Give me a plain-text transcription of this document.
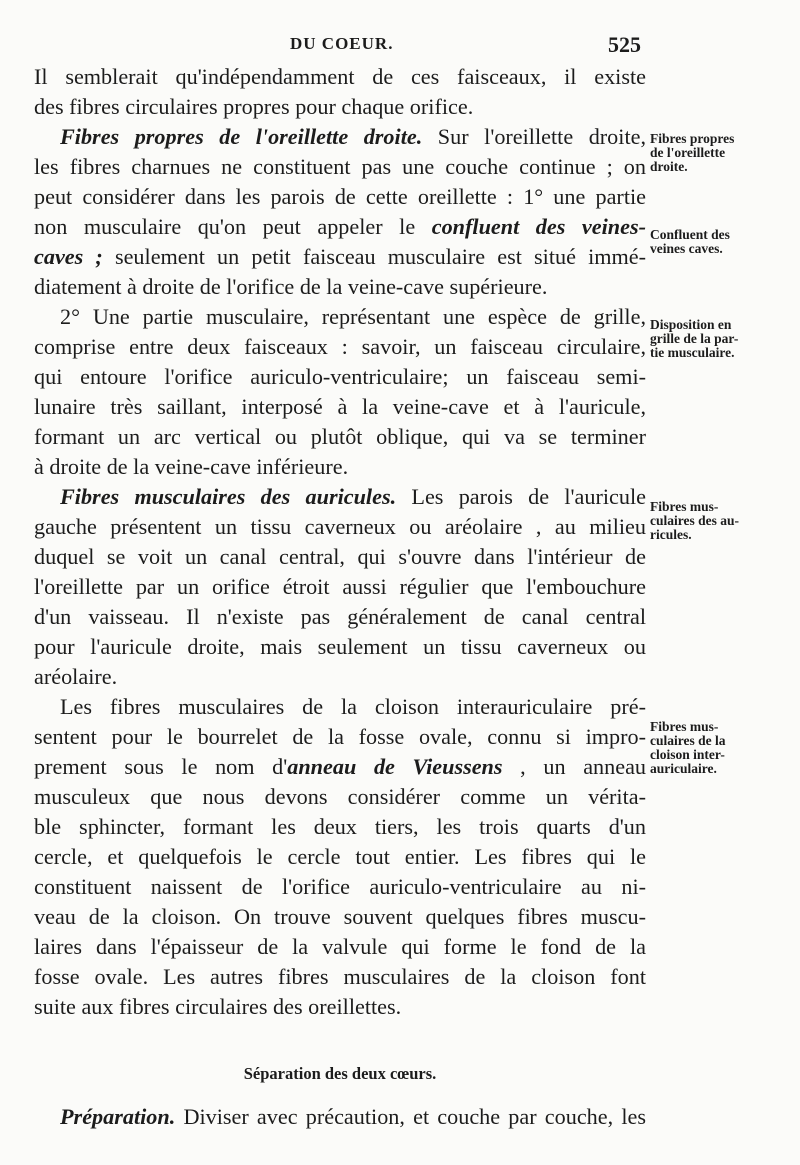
DU COEUR.	525
Il semblerait qu'indépendamment de ces faisceaux, il existe
des fibres circulaires propres pour chaque orifice.
Fibres propres de l'oreillette droite. Sur l'oreillette droite,
les fibres charnues ne constituent pas une couche continue ; on
peut considérer dans les parois de cette oreillette : 1° une partie
non musculaire qu'on peut appeler le confluent des veines-
caves ; seulement un petit faisceau musculaire est situé immé-
diatement à droite de l'orifice de la veine-cave supérieure.
2° Une partie musculaire, représentant une espèce de grille,
comprise entre deux faisceaux : savoir, un faisceau circulaire,
qui entoure l'orifice auriculo-ventriculaire; un faisceau semi-
lunaire très saillant, interposé à la veine-cave et à l'auricule,
formant un arc vertical ou plutôt oblique, qui va se terminer
à droite de la veine-cave inférieure.
Fibres musculaires des auricules. Les parois de l'auricule
gauche présentent un tissu caverneux ou aréolaire , au milieu
duquel se voit un canal central, qui s'ouvre dans l'intérieur de
l'oreillette par un orifice étroit aussi régulier que l'embouchure
d'un vaisseau. Il n'existe pas généralement de canal central
pour l'auricule droite, mais seulement un tissu caverneux ou
aréolaire.
Les fibres musculaires de la cloison interauriculaire pré-
sentent pour le bourrelet de la fosse ovale, connu si impro-
prement sous le nom d'anneau de Vieussens , un anneau
musculeux que nous devons considérer comme un vérita-
ble sphincter, formant les deux tiers, les trois quarts d'un
cercle, et quelquefois le cercle tout entier. Les fibres qui le
constituent naissent de l'orifice auriculo-ventriculaire au ni-
veau de la cloison. On trouve souvent quelques fibres muscu-
laires dans l'épaisseur de la valvule qui forme le fond de la
fosse ovale. Les autres fibres musculaires de la cloison font
suite aux fibres circulaires des oreillettes.
Fibres propres
de l'oreillette
droite.
Confluent des
veines caves.
Disposition en
grille de la par-
tie musculaire.
Fibres mus-
culaires des au-
ricules.
Fibres mus-
culaires de la
cloison inter-
auriculaire.
Séparation des deux cœurs.
Préparation. Diviser avec précaution, et couche par couche, les
